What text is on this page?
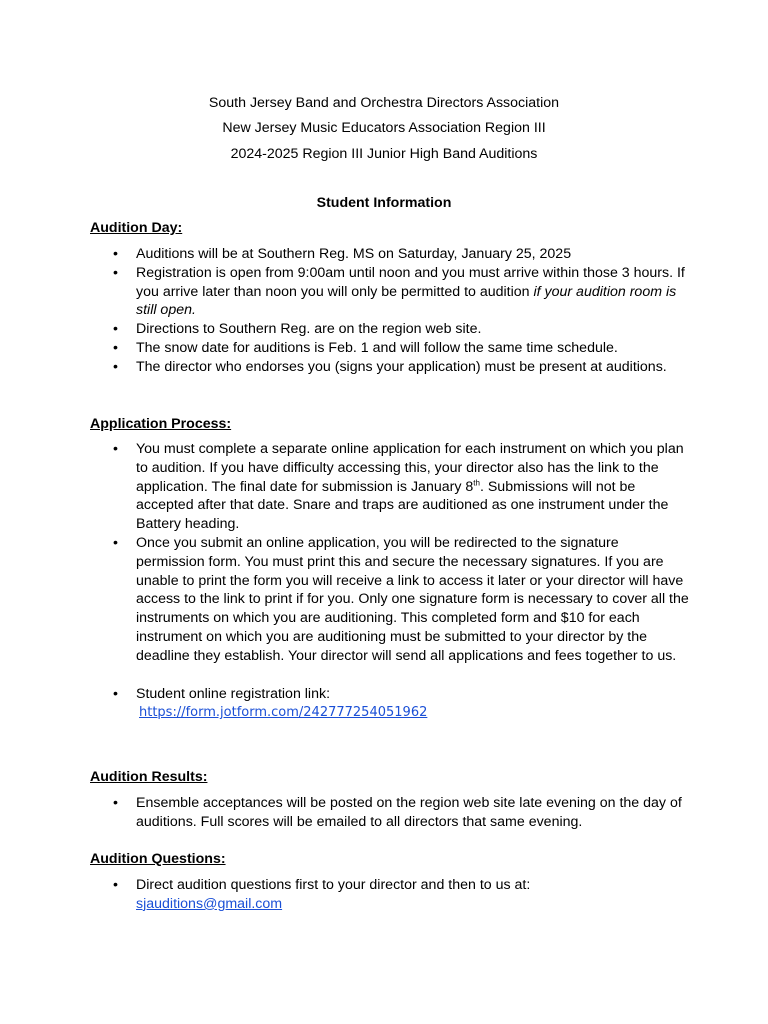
South Jersey Band and Orchestra Directors Association
New Jersey Music Educators Association Region III
2024-2025 Region III Junior High Band Auditions
Student Information
Audition Day:
• Auditions will be at Southern Reg. MS on Saturday, January 25, 2025
• Registration is open from 9:00am until noon and you must arrive within those 3 hours. If you arrive later than noon you will only be permitted to audition if your audition room is still open.
• Directions to Southern Reg. are on the region web site.
• The snow date for auditions is Feb. 1 and will follow the same time schedule.
• The director who endorses you (signs your application) must be present at auditions.
Application Process:
• You must complete a separate online application for each instrument on which you plan to audition. If you have difficulty accessing this, your director also has the link to the application. The final date for submission is January 8th. Submissions will not be accepted after that date. Snare and traps are auditioned as one instrument under the Battery heading.
• Once you submit an online application, you will be redirected to the signature permission form. You must print this and secure the necessary signatures. If you are unable to print the form you will receive a link to access it later or your director will have access to the link to print if for you. Only one signature form is necessary to cover all the instruments on which you are auditioning. This completed form and $10 for each instrument on which you are auditioning must be submitted to your director by the deadline they establish. Your director will send all applications and fees together to us.
• Student online registration link:
https://form.jotform.com/242777254051962
Audition Results:
• Ensemble acceptances will be posted on the region web site late evening on the day of auditions. Full scores will be emailed to all directors that same evening.
Audition Questions:
• Direct audition questions first to your director and then to us at:
sjauditions@gmail.com
